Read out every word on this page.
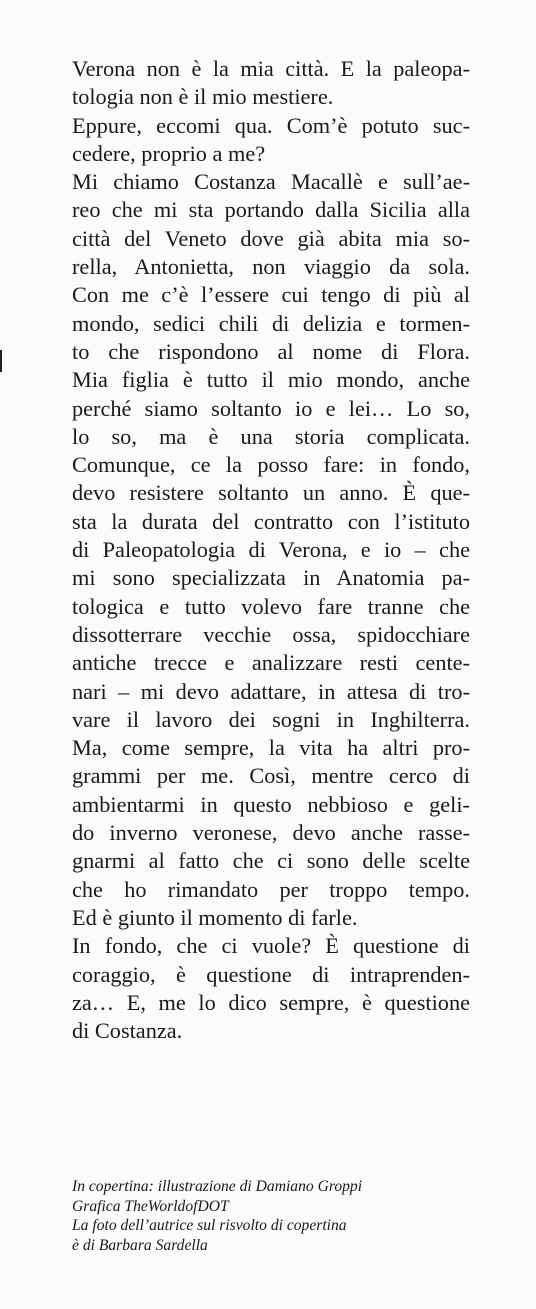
Verona non è la mia città. E la paleopa-
tologia non è il mio mestiere.
Eppure, eccomi qua. Com’è potuto suc-
cedere, proprio a me?
Mi chiamo Costanza Macallè e sull’ae-
reo che mi sta portando dalla Sicilia alla
città del Veneto dove già abita mia so-
rella, Antonietta, non viaggio da sola.
Con me c’è l’essere cui tengo di più al
mondo, sedici chili di delizia e tormen-
to che rispondono al nome di Flora.
Mia figlia è tutto il mio mondo, anche
perché siamo soltanto io e lei… Lo so,
lo so, ma è una storia complicata.
Comunque, ce la posso fare: in fondo,
devo resistere soltanto un anno. È que-
sta la durata del contratto con l’istituto
di Paleopatologia di Verona, e io – che
mi sono specializzata in Anatomia pa-
tologica e tutto volevo fare tranne che
dissotterrare vecchie ossa, spidocchiare
antiche trecce e analizzare resti cente-
nari – mi devo adattare, in attesa di tro-
vare il lavoro dei sogni in Inghilterra.
Ma, come sempre, la vita ha altri pro-
grammi per me. Così, mentre cerco di
ambientarmi in questo nebbioso e geli-
do inverno veronese, devo anche rasse-
gnarmi al fatto che ci sono delle scelte
che ho rimandato per troppo tempo.
Ed è giunto il momento di farle.
In fondo, che ci vuole? È questione di
coraggio, è questione di intraprenden-
za… E, me lo dico sempre, è questione
di Costanza.
In copertina: illustrazione di Damiano Groppi
Grafica TheWorldofDOT
La foto dell’autrice sul risvolto di copertina
è di Barbara Sardella
